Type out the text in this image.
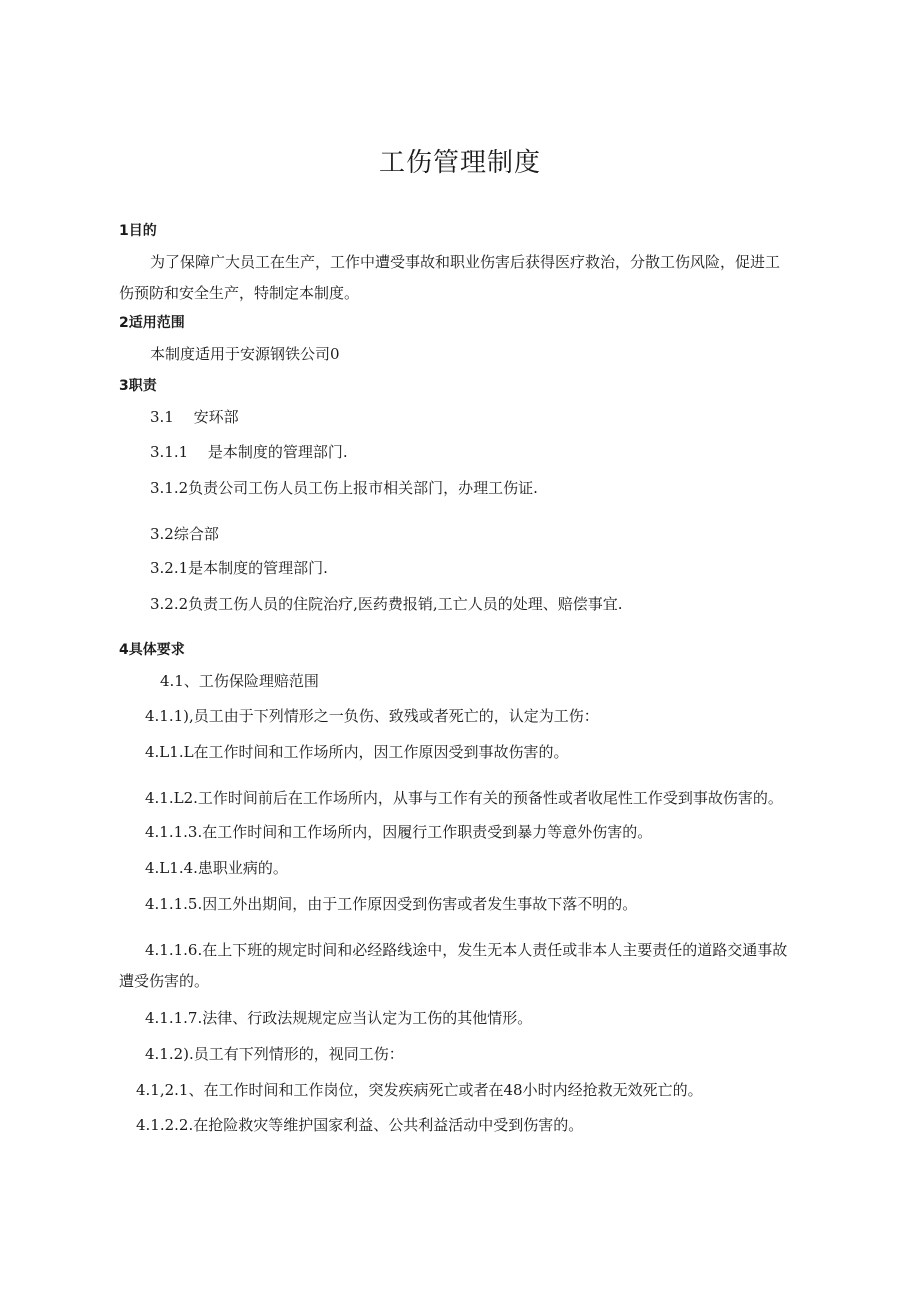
工伤管理制度
1目的
为了保障广大员工在生产，工作中遭受事故和职业伤害后获得医疗救治，分散工伤风险，促进工
伤预防和安全生产，特制定本制度。
2适用范围
本制度适用于安源钢铁公司0
3职责
3.1　 安环部
3.1.1　 是本制度的管理部门.
3.1.2负责公司工伤人员工伤上报市相关部门，办理工伤证.
3.2综合部
3.2.1是本制度的管理部门.
3.2.2负责工伤人员的住院治疗,医药费报销,工亡人员的处理、赔偿事宜.
4具体要求
4.1、工伤保险理赔范围
4.1.1),员工由于下列情形之一负伤、致残或者死亡的，认定为工伤：
4.L1.L在工作时间和工作场所内，因工作原因受到事故伤害的。
4.1.L2.工作时间前后在工作场所内，从事与工作有关的预备性或者收尾性工作受到事故伤害的。
4.1.1.3.在工作时间和工作场所内，因履行工作职责受到暴力等意外伤害的。
4.L1.4.患职业病的。
4.1.1.5.因工外出期间，由于工作原因受到伤害或者发生事故下落不明的。
4.1.1.6.在上下班的规定时间和必经路线途中，发生无本人责任或非本人主要责任的道路交通事故
遭受伤害的。
4.1.1.7.法律、行政法规规定应当认定为工伤的其他情形。
4.1.2).员工有下列情形的，视同工伤：
4.1,2.1、在工作时间和工作岗位，突发疾病死亡或者在48小时内经抢救无效死亡的。
4.1.2.2.在抢险救灾等维护国家利益、公共利益活动中受到伤害的。
